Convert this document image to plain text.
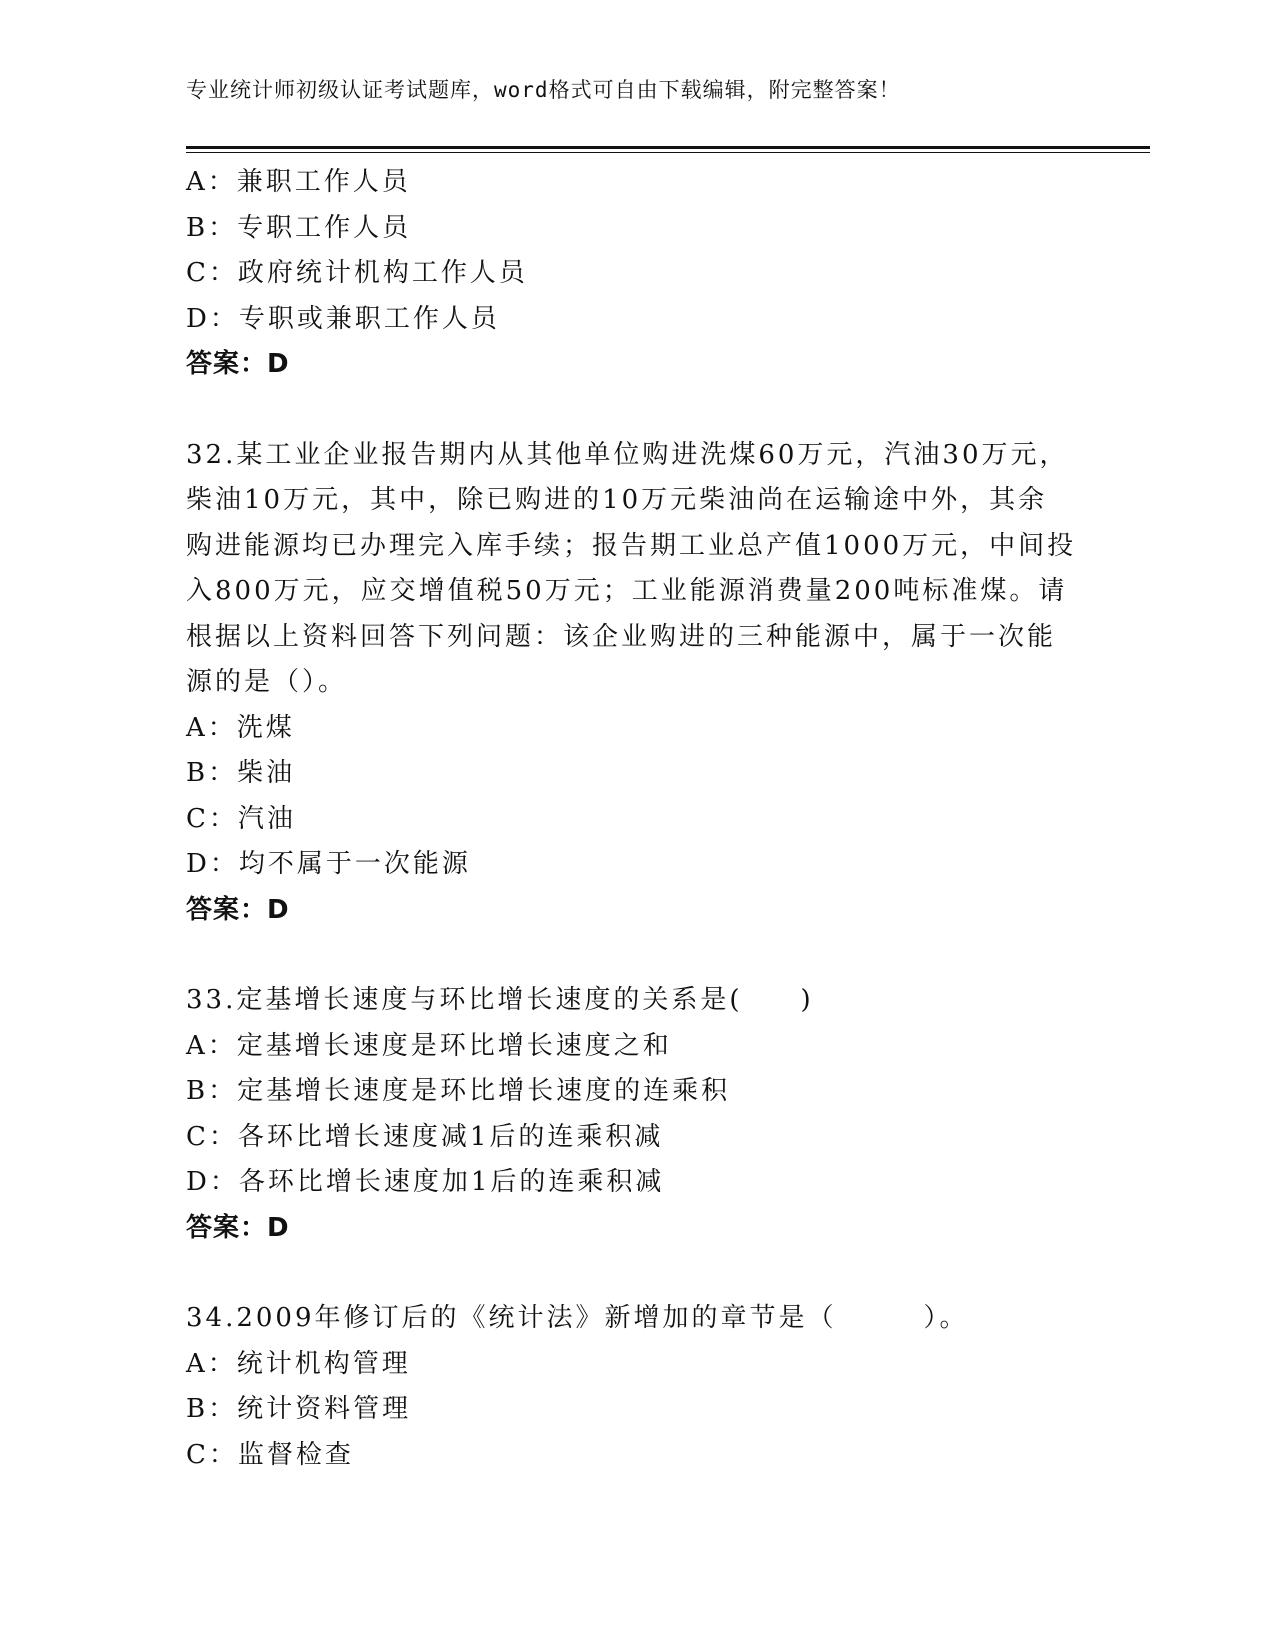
专业统计师初级认证考试题库，word格式可自由下载编辑，附完整答案！
A：兼职工作人员
B：专职工作人员
C：政府统计机构工作人员
D：专职或兼职工作人员
答案：D
32.某工业企业报告期内从其他单位购进洗煤60万元，汽油30万元，
柴油10万元，其中，除已购进的10万元柴油尚在运输途中外，其余
购进能源均已办理完入库手续；报告期工业总产值1000万元，中间投
入800万元，应交增值税50万元；工业能源消费量200吨标准煤。请
根据以上资料回答下列问题：该企业购进的三种能源中，属于一次能
源的是（）。
A：洗煤
B：柴油
C：汽油
D：均不属于一次能源
答案：D
33.定基增长速度与环比增长速度的关系是(　　)
A：定基增长速度是环比增长速度之和
B：定基增长速度是环比增长速度的连乘积
C：各环比增长速度减1后的连乘积减
D：各环比增长速度加1后的连乘积减
答案：D
34.2009年修订后的《统计法》新增加的章节是（　　　）。
A：统计机构管理
B：统计资料管理
C：监督检查
